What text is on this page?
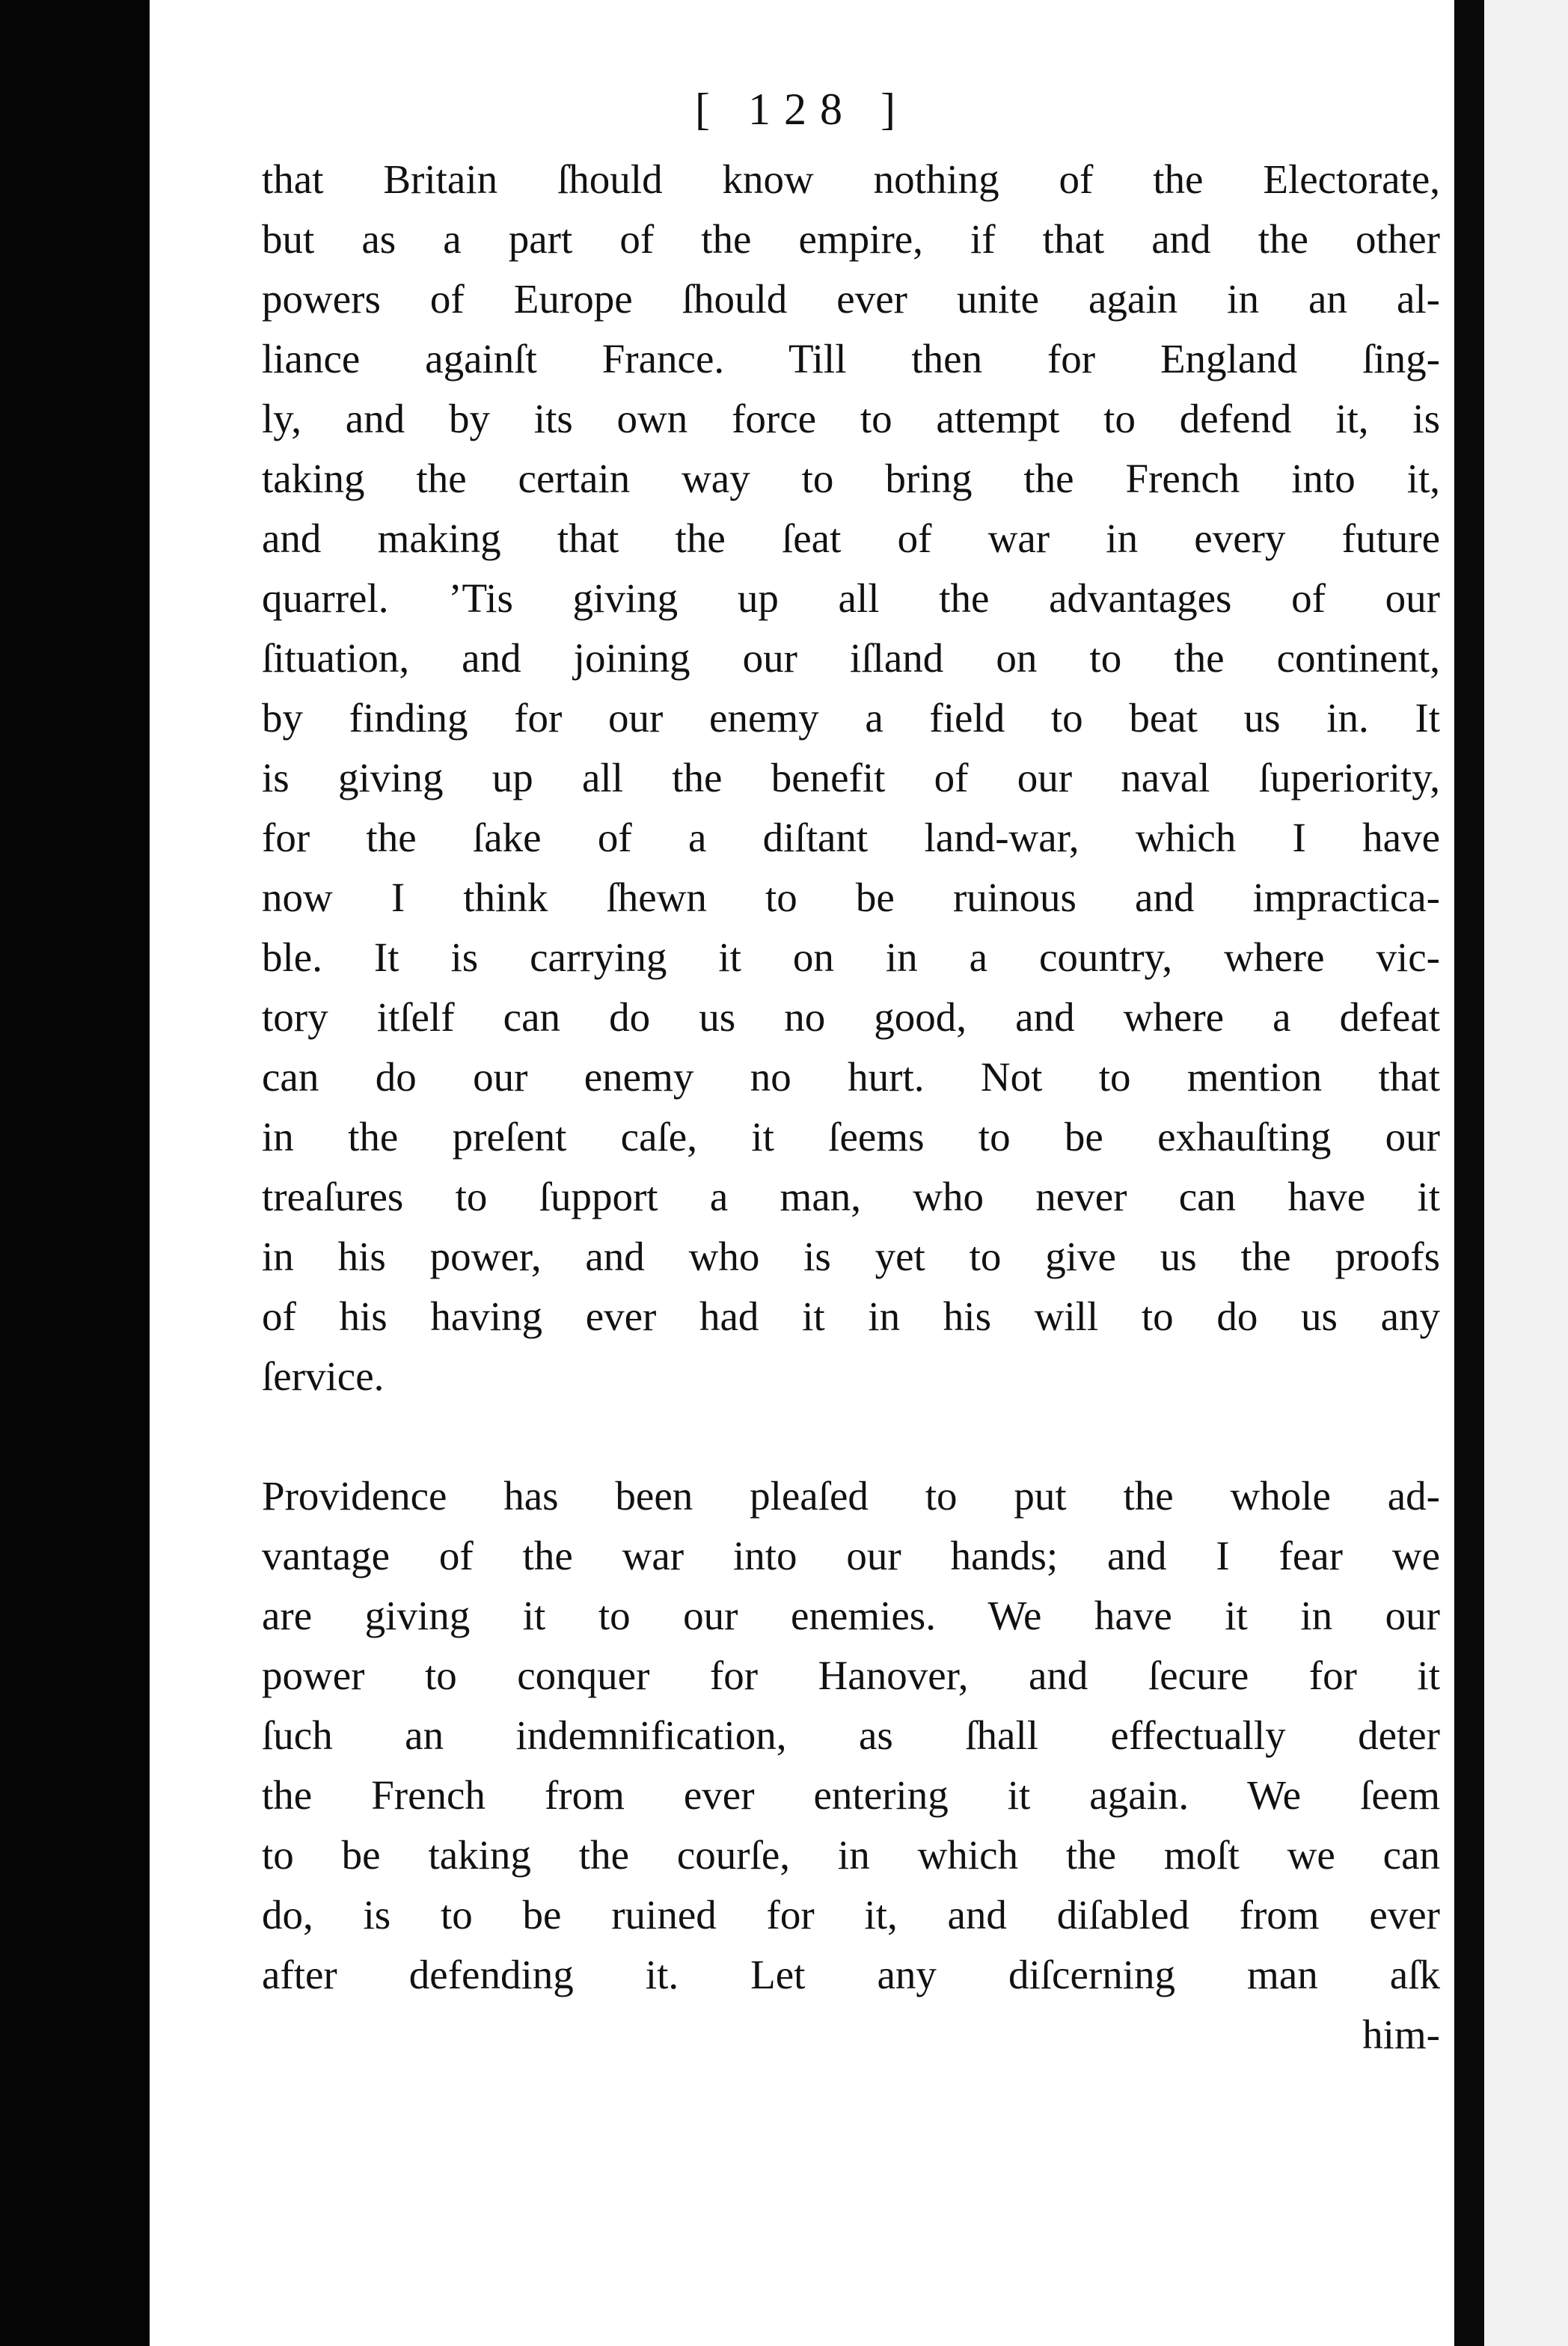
[ 128 ]
that Britain ſhould know nothing of the Electorate,
but as a part of the empire, if that and the other
powers of Europe ſhould ever unite again in an al-
liance againſt France. Till then for England ſing-
ly, and by its own force to attempt to defend it, is
taking the certain way to bring the French into it,
and making that the ſeat of war in every future
quarrel. ’Tis giving up all the advantages of our
ſituation, and joining our iſland on to the continent,
by finding for our enemy a field to beat us in. It
is giving up all the benefit of our naval ſuperiority,
for the ſake of a diſtant land-war, which I have
now I think ſhewn to be ruinous and impracticа-
ble. It is carrying it on in a country, where vic-
tory itſelf can do us no good, and where a defeat
can do our enemy no hurt. Not to mention that
in the preſent caſe, it ſeems to be exhauſting our
treaſures to ſupport a man, who never can have it
in his power, and who is yet to give us the proofs
of his having ever had it in his will to do us any
ſervice.
Providence has been pleaſed to put the whole ad-
vantage of the war into our hands; and I fear we
are giving it to our enemies. We have it in our
power to conquer for Hanover, and ſecure for it
ſuch an indemnification, as ſhall effectually deter
the French from ever entering it again. We ſeem
to be taking the courſe, in which the moſt we can
do, is to be ruined for it, and diſabled from ever
after defending it. Let any diſcerning man aſk
him-
